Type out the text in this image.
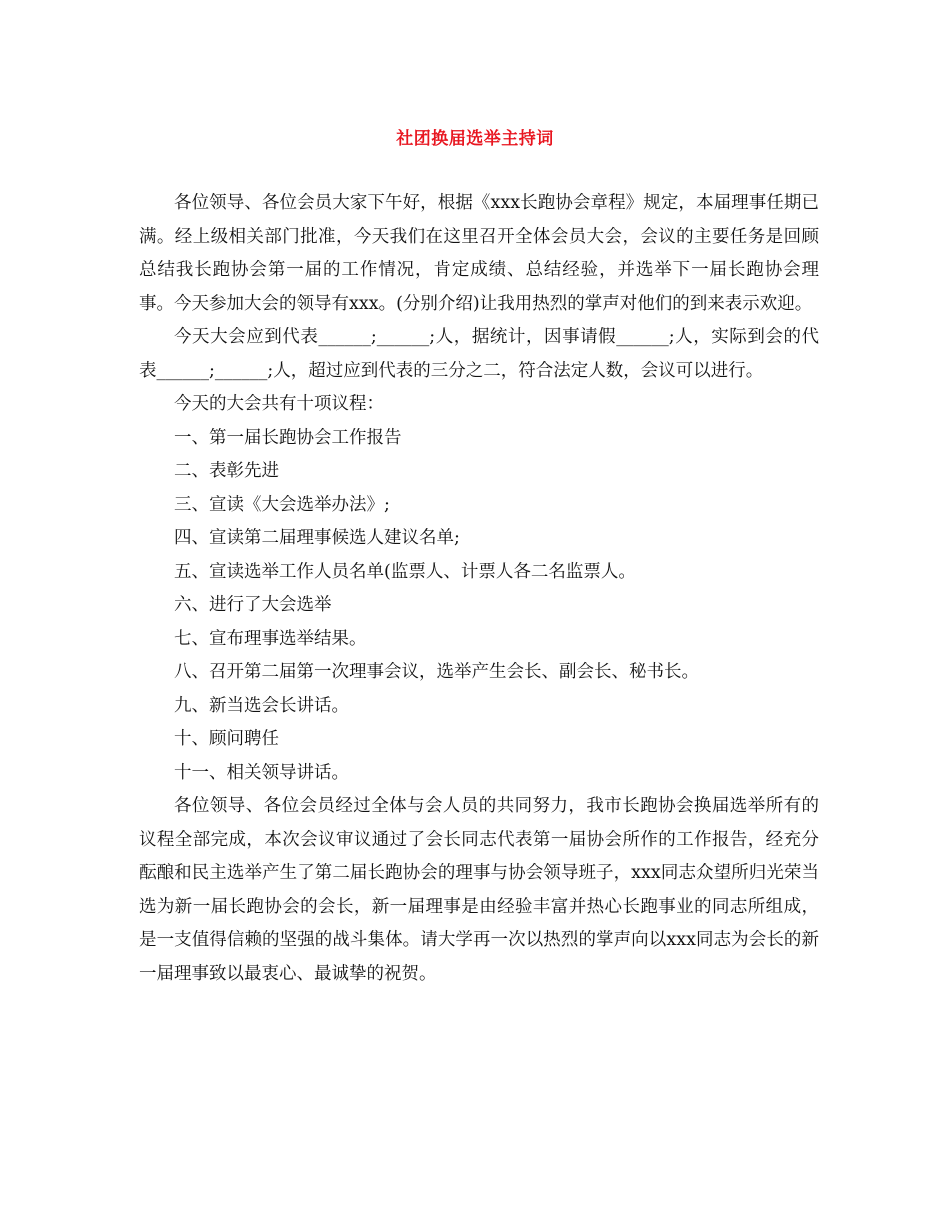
社团换届选举主持词

各位领导、各位会员大家下午好，根据《xxx长跑协会章程》规定，本届理事任期已满。经上级相关部门批准，今天我们在这里召开全体会员大会，会议的主要任务是回顾总结我长跑协会第一届的工作情况，肯定成绩、总结经验，并选举下一届长跑协会理事。今天参加大会的领导有xxx。(分别介绍)让我用热烈的掌声对他们的到来表示欢迎。

今天大会应到代表______;______;人，据统计，因事请假______;人，实际到会的代表______;______;人，超过应到代表的三分之二，符合法定人数，会议可以进行。

今天的大会共有十项议程：

一、第一届长跑协会工作报告

二、表彰先进

三、宣读《大会选举办法》;

四、宣读第二届理事候选人建议名单;

五、宣读选举工作人员名单(监票人、计票人各二名监票人。

六、进行了大会选举

七、宣布理事选举结果。

八、召开第二届第一次理事会议，选举产生会长、副会长、秘书长。

九、新当选会长讲话。

十、顾问聘任

十一、相关领导讲话。

各位领导、各位会员经过全体与会人员的共同努力，我市长跑协会换届选举所有的议程全部完成，本次会议审议通过了会长同志代表第一届协会所作的工作报告，经充分酝酿和民主选举产生了第二届长跑协会的理事与协会领导班子，xxx同志众望所归光荣当选为新一届长跑协会的会长，新一届理事是由经验丰富并热心长跑事业的同志所组成，是一支值得信赖的坚强的战斗集体。请大学再一次以热烈的掌声向以xxx同志为会长的新一届理事致以最衷心、最诚挚的祝贺。
